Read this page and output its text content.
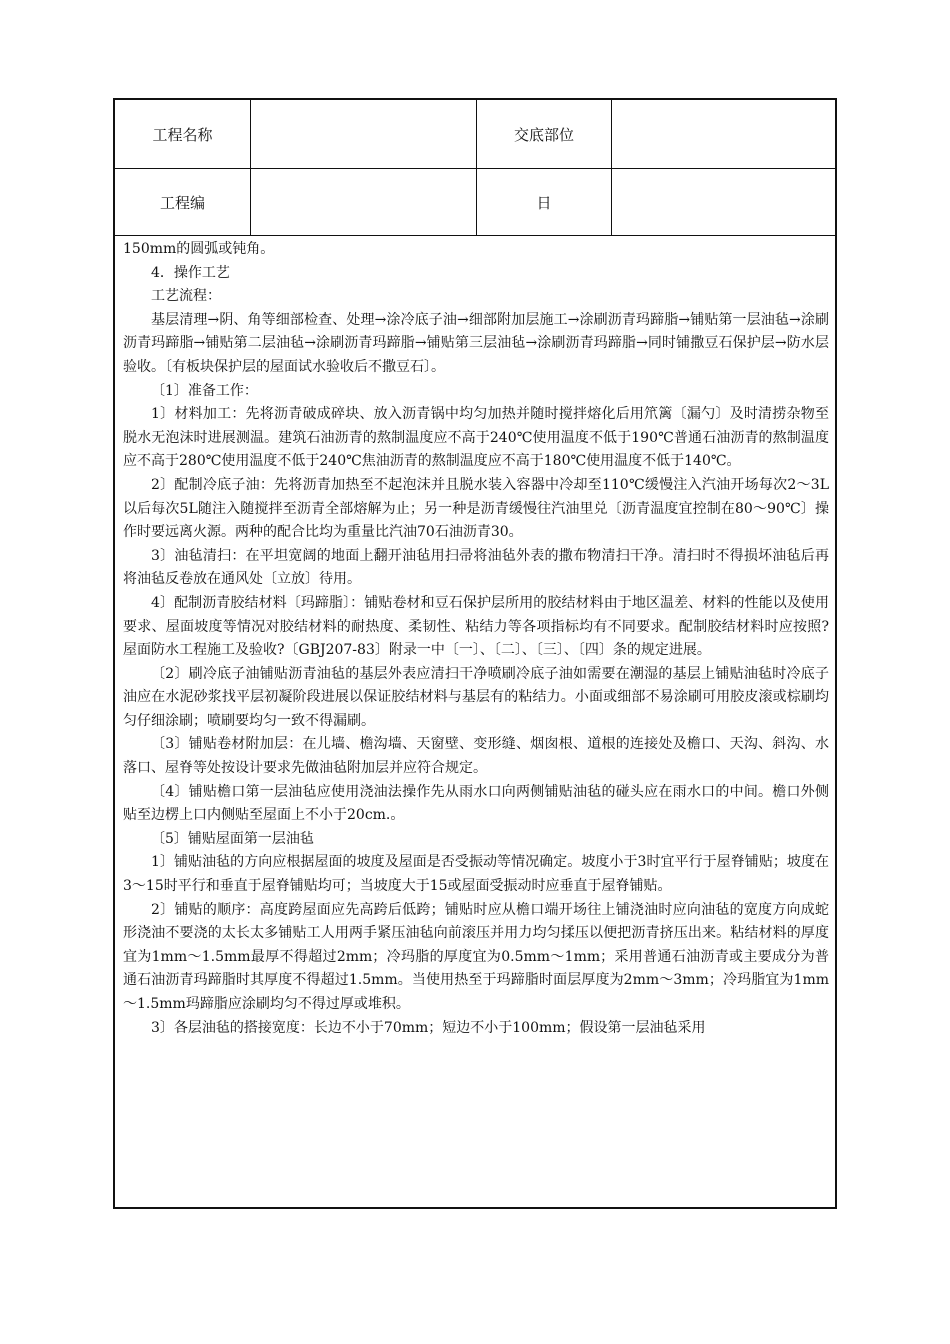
工程名称	交底部位
工程编	日

150mm的圆弧或钝角。

4．操作工艺

工艺流程：

基层清理→阴、角等细部检查、处理→涂冷底子油→细部附加层施工→涂刷沥青玛蹄脂→铺贴第一层油毡→涂刷沥青玛蹄脂→铺贴第二层油毡→涂刷沥青玛蹄脂→铺贴第三层油毡→涂刷沥青玛蹄脂→同时铺撒豆石保护层→防水层验收。〔有板块保护层的屋面试水验收后不撒豆石〕。

〔1〕准备工作：

1〕材料加工：先将沥青破成碎块、放入沥青锅中均匀加热并随时搅拌熔化后用笊篱〔漏勺〕及时清捞杂物至脱水无泡沫时进展测温。建筑石油沥青的熬制温度应不高于240℃使用温度不低于190℃普通石油沥青的熬制温度应不高于280℃使用温度不低于240℃焦油沥青的熬制温度应不高于180℃使用温度不低于140℃。

2〕配制冷底子油：先将沥青加热至不起泡沫并且脱水装入容器中冷却至110℃缓慢注入汽油开场每次2～3L以后每次5L随注入随搅拌至沥青全部熔解为止；另一种是沥青缓慢往汽油里兑〔沥青温度宜控制在80～90℃〕操作时要远离火源。两种的配合比均为重量比汽油70石油沥青30。

3〕油毡清扫：在平坦宽阔的地面上翻开油毡用扫帚将油毡外表的撒布物清扫干净。清扫时不得损坏油毡后再将油毡反卷放在通风处〔立放〕待用。

4〕配制沥青胶结材料〔玛蹄脂〕：铺贴卷材和豆石保护层所用的胶结材料由于地区温差、材料的性能以及使用要求、屋面坡度等情况对胶结材料的耐热度、柔韧性、粘结力等各项指标均有不同要求。配制胶结材料时应按照?屋面防水工程施工及验收?〔GBJ207-83〕附录一中〔一〕、〔二〕、〔三〕、〔四〕条的规定进展。

〔2〕刷冷底子油铺贴沥青油毡的基层外表应清扫干净喷刷冷底子油如需要在潮湿的基层上铺贴油毡时冷底子油应在水泥砂浆找平层初凝阶段进展以保证胶结材料与基层有的粘结力。小面或细部不易涂刷可用胶皮滚或棕刷均匀仔细涂刷；喷刷要均匀一致不得漏刷。

〔3〕铺贴卷材附加层：在儿墙、檐沟墙、天窗壁、变形缝、烟囱根、道根的连接处及檐口、天沟、斜沟、水落口、屋脊等处按设计要求先做油毡附加层并应符合规定。

〔4〕铺贴檐口第一层油毡应使用浇油法操作先从雨水口向两侧铺贴油毡的碰头应在雨水口的中间。檐口外侧贴至边楞上口内侧贴至屋面上不小于20cm.。

〔5〕铺贴屋面第一层油毡

1〕铺贴油毡的方向应根据屋面的坡度及屋面是否受振动等情况确定。坡度小于3时宜平行于屋脊铺贴；坡度在3～15时平行和垂直于屋脊铺贴均可；当坡度大于15或屋面受振动时应垂直于屋脊铺贴。

2〕铺贴的顺序：高度跨屋面应先高跨后低跨；铺贴时应从檐口端开场往上铺浇油时应向油毡的宽度方向成蛇形浇油不要浇的太长太多铺贴工人用两手紧压油毡向前滚压并用力均匀揉压以便把沥青挤压出来。粘结材料的厚度宜为1mm～1.5mm最厚不得超过2mm；冷玛脂的厚度宜为0.5mm～1mm；采用普通石油沥青或主要成分为普通石油沥青玛蹄脂时其厚度不得超过1.5mm。当使用热至于玛蹄脂时面层厚度为2mm～3mm；冷玛脂宜为1mm～1.5mm玛蹄脂应涂刷均匀不得过厚或堆积。

3〕各层油毡的搭接宽度：长边不小于70mm；短边不小于100mm；假设第一层油毡采用
